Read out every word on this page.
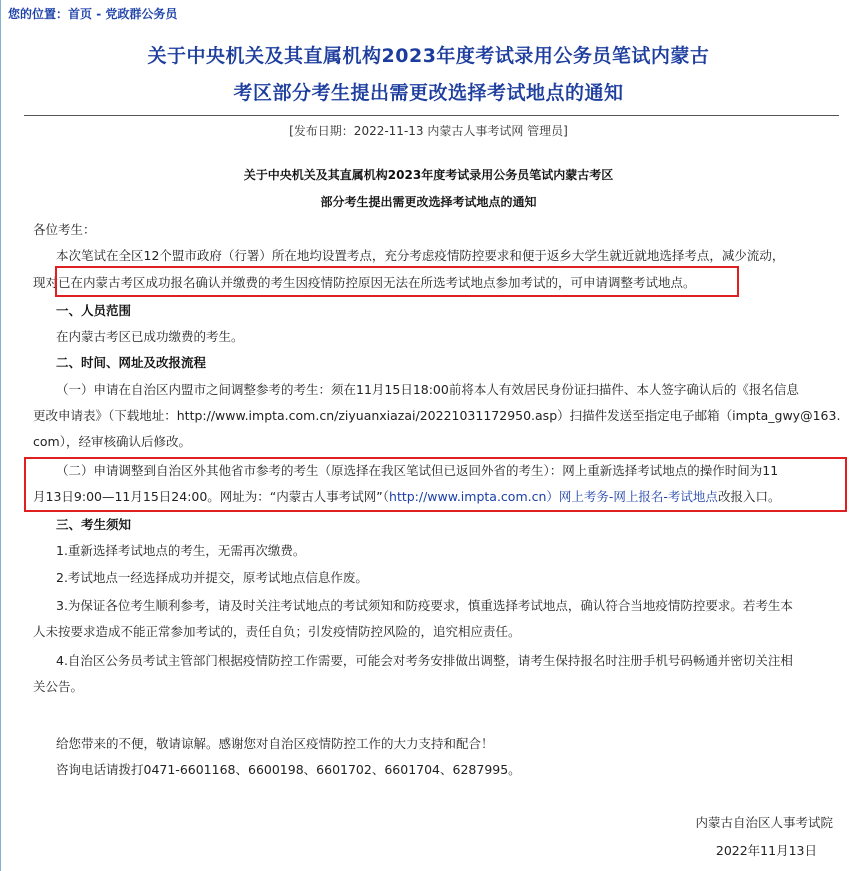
您的位置：首页 - 党政群公务员
关于中央机关及其直属机构2023年度考试录用公务员笔试内蒙古
考区部分考生提出需更改选择考试地点的通知
[发布日期：2022-11-13 内蒙古人事考试网 管理员]
关于中央机关及其直属机构2023年度考试录用公务员笔试内蒙古考区
部分考生提出需更改选择考试地点的通知
各位考生：
本次笔试在全区12个盟市政府（行署）所在地均设置考点，充分考虑疫情防控要求和便于返乡大学生就近就地选择考点，减少流动，
现对已在内蒙古考区成功报名确认并缴费的考生因疫情防控原因无法在所选考试地点参加考试的，可申请调整考试地点。
一、人员范围
在内蒙古考区已成功缴费的考生。
二、时间、网址及改报流程
（一）申请在自治区内盟市之间调整参考的考生：须在11月15日18:00前将本人有效居民身份证扫描件、本人签字确认后的《报名信息
更改申请表》（下载地址：http://www.impta.com.cn/ziyuanxiazai/20221031172950.asp）扫描件发送至指定电子邮箱（impta_gwy@163.
com），经审核确认后修改。
（二）申请调整到自治区外其他省市参考的考生（原选择在我区笔试但已返回外省的考生）：网上重新选择考试地点的操作时间为11
月13日9:00—11月15日24:00。网址为：“内蒙古人事考试网”（http://www.impta.com.cn）网上考务-网上报名-考试地点改报入口。
三、考生须知
1.重新选择考试地点的考生，无需再次缴费。
2.考试地点一经选择成功并提交，原考试地点信息作废。
3.为保证各位考生顺利参考，请及时关注考试地点的考试须知和防疫要求，慎重选择考试地点，确认符合当地疫情防控要求。若考生本
人未按要求造成不能正常参加考试的，责任自负；引发疫情防控风险的，追究相应责任。
4.自治区公务员考试主管部门根据疫情防控工作需要，可能会对考务安排做出调整，请考生保持报名时注册手机号码畅通并密切关注相
关公告。
给您带来的不便，敬请谅解。感谢您对自治区疫情防控工作的大力支持和配合！
咨询电话请拨打0471-6601168、6600198、6601702、6601704、6287995。
内蒙古自治区人事考试院
2022年11月13日
